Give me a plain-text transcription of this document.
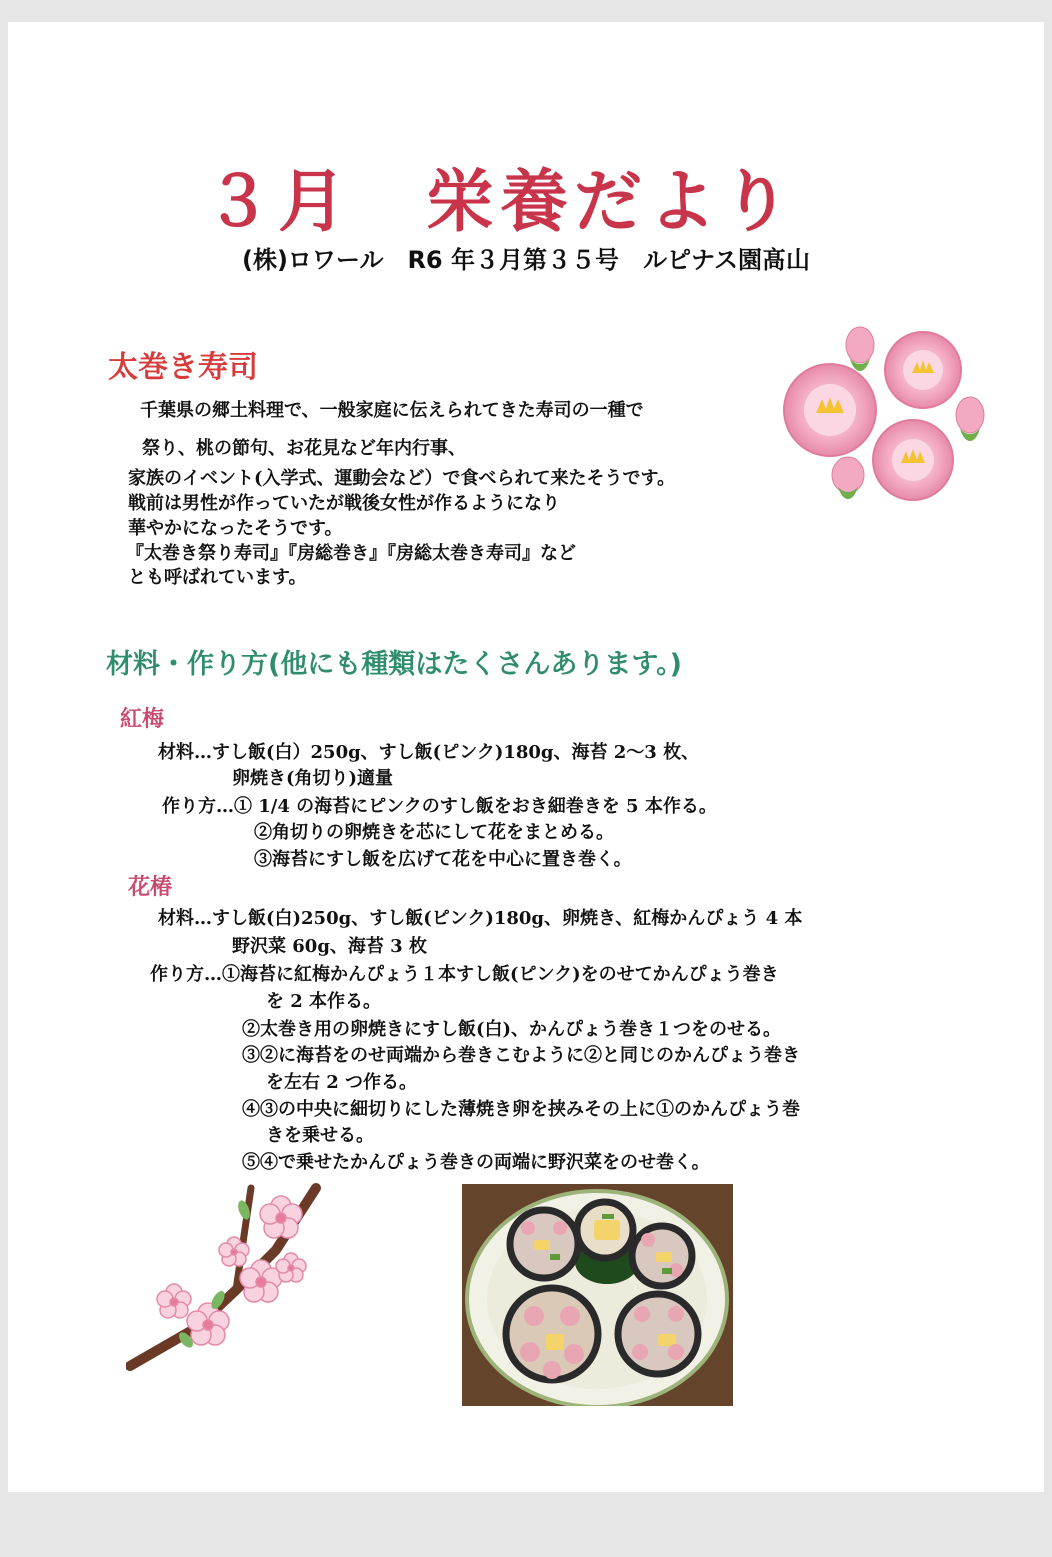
３月　栄養だより
(株)ロワール　R6 年３月第３５号　ルピナス園髙山
太巻き寿司
千葉県の郷土料理で、一般家庭に伝えられてきた寿司の一種で
祭り、桃の節句、お花見など年内行事、
家族のイベント(入学式、運動会など）で食べられて来たそうです。
戦前は男性が作っていたが戦後女性が作るようになり
華やかになったそうです。
『太巻き祭り寿司』『房総巻き』『房総太巻き寿司』など
とも呼ばれています。
材料・作り方(他にも種類はたくさんあります。)
紅梅
材料…すし飯(白）250g、すし飯(ピンク)180g、海苔 2〜3 枚、
卵焼き(角切り)適量
作り方…① 1/4 の海苔にピンクのすし飯をおき細巻きを 5 本作る。
②角切りの卵焼きを芯にして花をまとめる。
③海苔にすし飯を広げて花を中心に置き巻く。
花椿
材料…すし飯(白)250g、すし飯(ピンク)180g、卵焼き、紅梅かんぴょう 4 本
野沢菜 60g、海苔 3 枚
作り方…①海苔に紅梅かんぴょう１本すし飯(ピンク)をのせてかんぴょう巻き
を 2 本作る。
②太巻き用の卵焼きにすし飯(白)、かんぴょう巻き１つをのせる。
③②に海苔をのせ両端から巻きこむように②と同じのかんぴょう巻き
を左右 2 つ作る。
④③の中央に細切りにした薄焼き卵を挟みその上に①のかんぴょう巻
きを乗せる。
⑤④で乗せたかんぴょう巻きの両端に野沢菜をのせ巻く。
